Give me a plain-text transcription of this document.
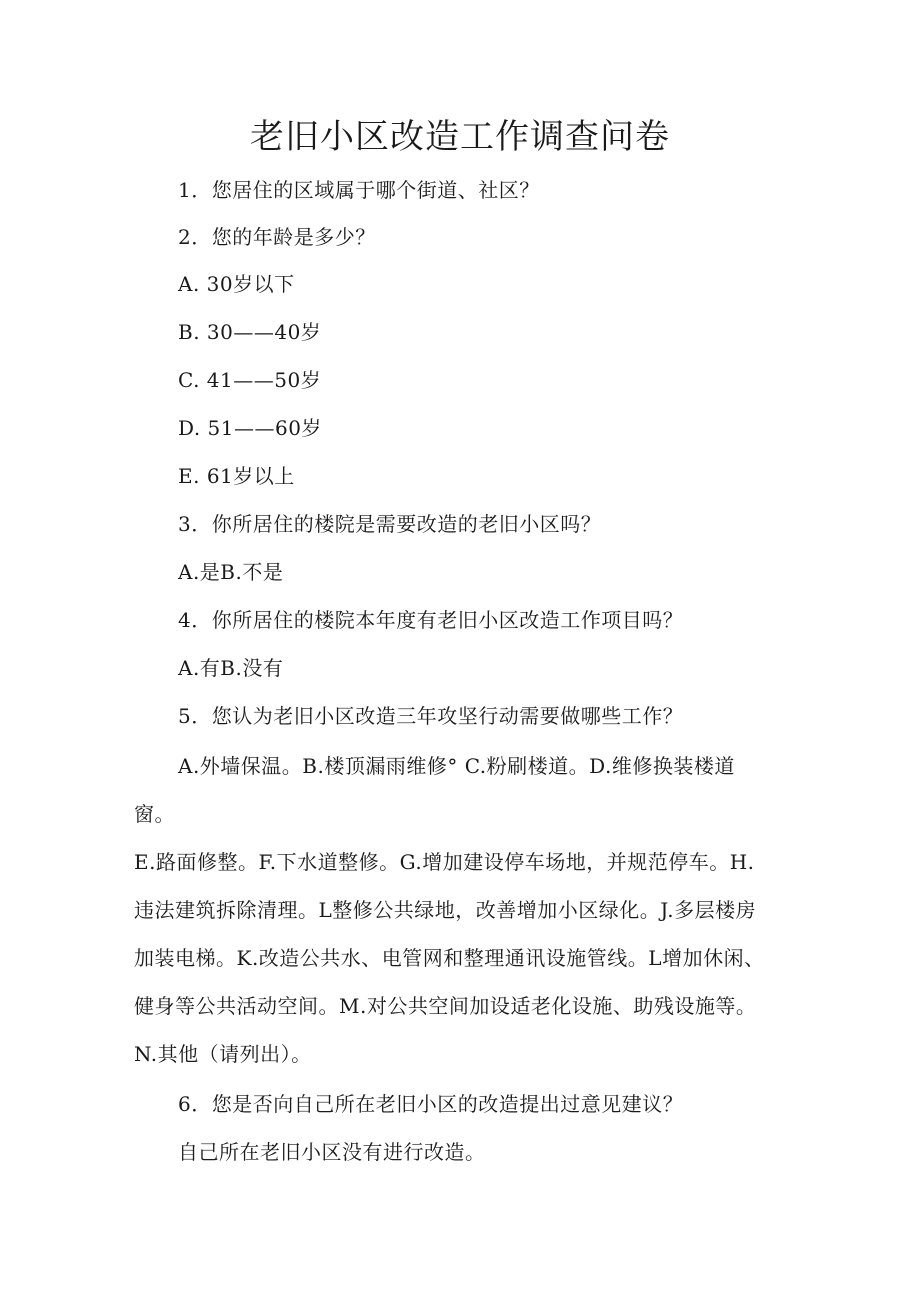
老旧小区改造工作调查问卷

1．您居住的区域属于哪个街道、社区？

2．您的年龄是多少？

A. 30岁以下

B. 30——40岁

C. 41——50岁

D. 51——60岁

E. 61岁以上

3．你所居住的楼院是需要改造的老旧小区吗？

A.是B.不是

4．你所居住的楼院本年度有老旧小区改造工作项目吗？

A.有B.没有

5．您认为老旧小区改造三年攻坚行动需要做哪些工作？

A.外墙保温。B.楼顶漏雨维修° C.粉刷楼道。D.维修换装楼道

窗。

E.路面修整。F.下水道整修。G.增加建设停车场地，并规范停车。H.

违法建筑拆除清理。L整修公共绿地，改善增加小区绿化。J.多层楼房

加装电梯。K.改造公共水、电管网和整理通讯设施管线。L增加休闲、

健身等公共活动空间。M.对公共空间加设适老化设施、助残设施等。

N.其他（请列出）。

6．您是否向自己所在老旧小区的改造提出过意见建议？

自己所在老旧小区没有进行改造。
